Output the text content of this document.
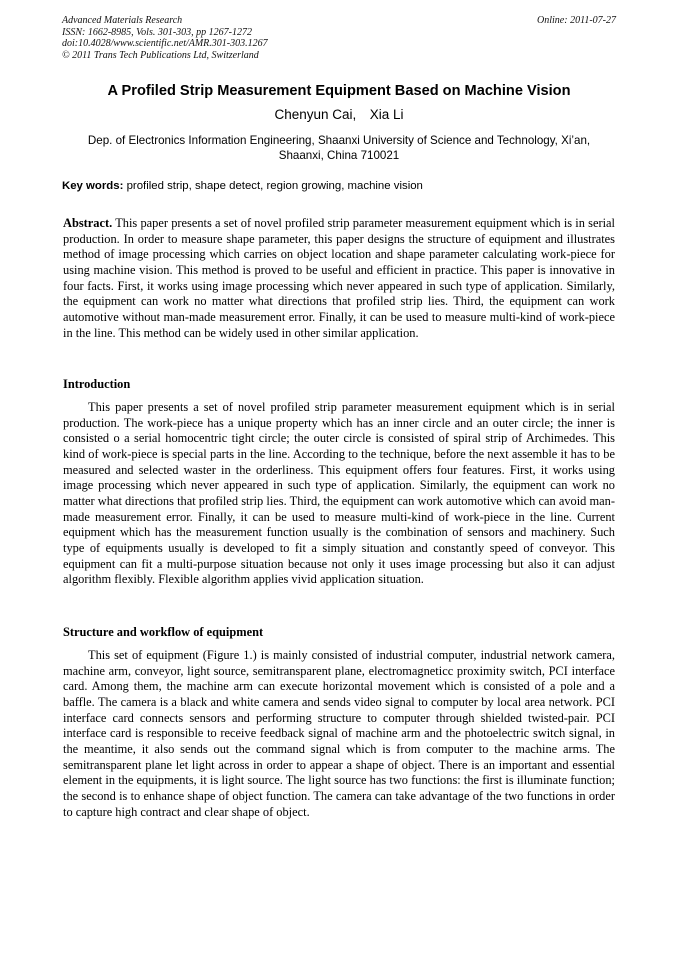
Advanced Materials Research
ISSN: 1662-8985, Vols. 301-303, pp 1267-1272
doi:10.4028/www.scientific.net/AMR.301-303.1267
© 2011 Trans Tech Publications Ltd, Switzerland
Online: 2011-07-27
A Profiled Strip Measurement Equipment Based on Machine Vision
Chenyun Cai, Xia Li
Dep. of Electronics Information Engineering, Shaanxi University of Science and Technology, Xi’an,
Shaanxi, China 710021
Key words: profiled strip, shape detect, region growing, machine vision

Abstract. This paper presents a set of novel profiled strip parameter measurement equipment which is in serial production. In order to measure shape parameter, this paper designs the structure of equipment and illustrates method of image processing which carries on object location and shape parameter calculating work-piece for using machine vision. This method is proved to be useful and efficient in practice. This paper is innovative in four facts. First, it works using image processing which never appeared in such type of application. Similarly, the equipment can work no matter what directions that profiled strip lies. Third, the equipment can work automotive without man-made measurement error. Finally, it can be used to measure multi-kind of work-piece in the line. This method can be widely used in other similar application.

Introduction

This paper presents a set of novel profiled strip parameter measurement equipment which is in serial production. The work-piece has a unique property which has an inner circle and an outer circle; the inner is consisted o a serial homocentric tight circle; the outer circle is consisted of spiral strip of Archimedes. This kind of work-piece is special parts in the line. According to the technique, before the next assemble it has to be measured and selected waster in the orderliness. This equipment offers four features. First, it works using image processing which never appeared in such type of application. Similarly, the equipment can work no matter what directions that profiled strip lies. Third, the equipment can work automotive which can avoid man-made measurement error. Finally, it can be used to measure multi-kind of work-piece in the line. Current equipment which has the measurement function usually is the combination of sensors and machinery. Such type of equipments usually is developed to fit a simply situation and constantly speed of conveyor. This equipment can fit a multi-purpose situation because not only it uses image processing but also it can adjust algorithm flexibly. Flexible algorithm applies vivid application situation.

Structure and workflow of equipment

This set of equipment (Figure 1.) is mainly consisted of industrial computer, industrial network camera, machine arm, conveyor, light source, semitransparent plane, electromagneticc proximity switch, PCI interface card. Among them, the machine arm can execute horizontal movement which is consisted of a pole and a baffle. The camera is a black and white camera and sends video signal to computer by local area network. PCI interface card connects sensors and performing structure to computer through shielded twisted-pair. PCI interface card is responsible to receive feedback signal of machine arm and the photoelectric switch signal, in the meantime, it also sends out the command signal which is from computer to the machine arms. The semitransparent plane let light across in order to appear a shape of object. There is an important and essential element in the equipments, it is light source. The light source has two functions: the first is illuminate function; the second is to enhance shape of object function. The camera can take advantage of the two functions in order to capture high contract and clear shape of object.
